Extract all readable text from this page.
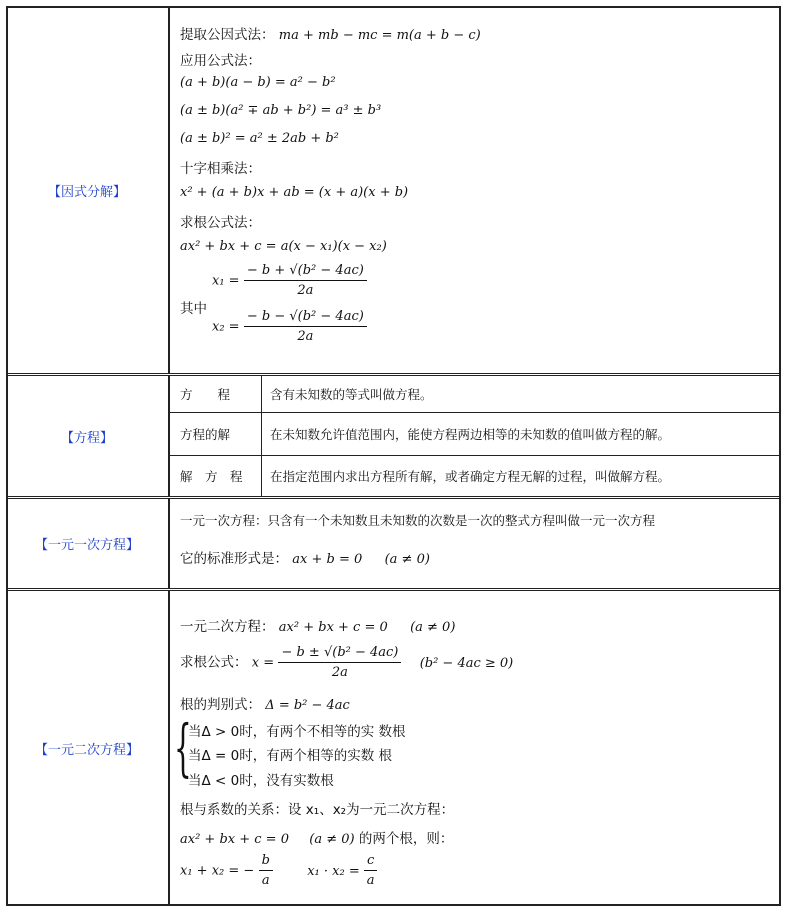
【因式分解】
提取公因式法： ma + mb − mc = m(a + b − c)
应用公式法：
(a + b)(a − b) = a² − b²
(a ± b)(a² ∓ ab + b²) = a³ ± b³
(a ± b)² = a² ± 2ab + b²
十字相乘法：
x² + (a + b)x + ab = (x + a)(x + b)
求根公式法：
ax² + bx + c = a(x − x₁)(x − x₂)
其中
$x_1 = \frac{\text{− b + √(b² − 4ac)}}{2a}$
$x_2 = \frac{\text{− b − √(b² − 4ac)}}{2a}$
【方程】
方　　程	含有未知数的等式叫做方程。
方程的解	在未知数允许值范围内，能使方程两边相等的未知数的值叫做方程的解。
解　方　程 在指定范围内求出方程所有解，或者确定方程无解的过程，叫做解方程。
【一元一次方程】
一元一次方程：只含有一个未知数且未知数的次数是一次的整式方程叫做一元一次方程
它的标准形式是： ax + b = 0 (a ≠ 0)
【一元二次方程】
一元二次方程： ax² + bx + c = 0 (a ≠ 0)
求根公式： $x = \frac{\text{− b ± √(b² − 4ac)}}{2a} (b^2 - 4ac \ge 0)$
根的判别式： Δ = b² − 4ac
{
当Δ > 0时，有两个不相等的实 数根
当Δ = 0时，有两个相等的实数 根
当Δ < 0时，没有实数根
根与系数的关系：设 x₁、x₂为一元二次方程：
ax² + bx + c = 0 (a ≠ 0) 的两个根，则：
x₁ + x₂ = − $\frac{b}{a}$	$x_1 \cdot x_2 = \frac{c}{a}$
